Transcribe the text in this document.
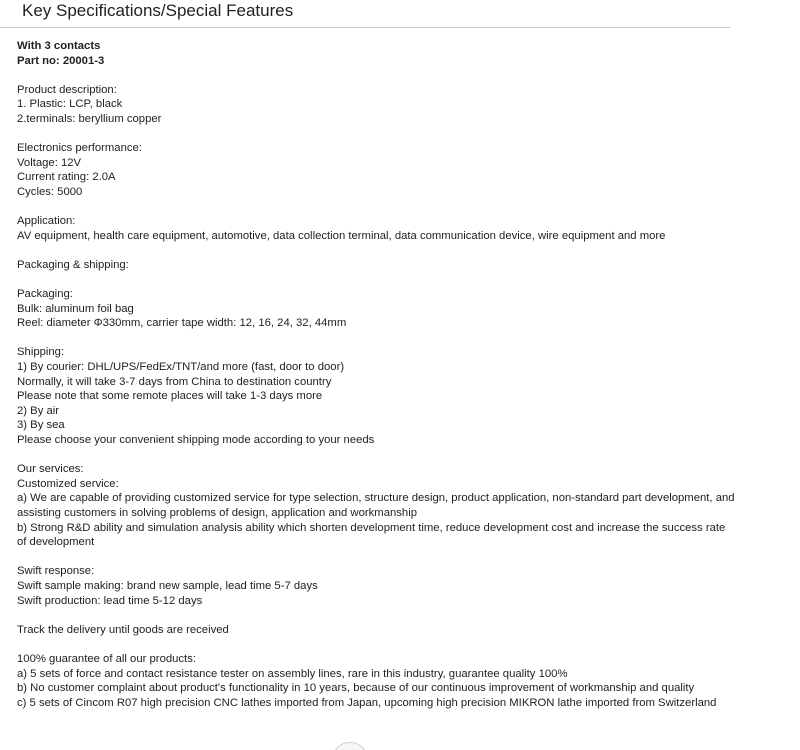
Key Specifications/Special Features
With 3 contacts
Part no: 20001-3
Product description:
1. Plastic: LCP, black
2.terminals: beryllium copper
Electronics performance:
Voltage: 12V
Current rating: 2.0A
Cycles: 5000
Application:
AV equipment, health care equipment, automotive, data collection terminal, data communication device, wire equipment and more
Packaging & shipping:
Packaging:
Bulk: aluminum foil bag
Reel: diameter Φ330mm, carrier tape width: 12, 16, 24, 32, 44mm
Shipping:
1) By courier: DHL/UPS/FedEx/TNT/and more (fast, door to door)
Normally, it will take 3-7 days from China to destination country
Please note that some remote places will take 1-3 days more
2) By air
3) By sea
Please choose your convenient shipping mode according to your needs
Our services:
Customized service:
a) We are capable of providing customized service for type selection, structure design, product application, non-standard part development, and assisting customers in solving problems of design, application and workmanship
b) Strong R&D ability and simulation analysis ability which shorten development time, reduce development cost and increase the success rate of development
Swift response:
Swift sample making: brand new sample, lead time 5-7 days
Swift production: lead time 5-12 days
Track the delivery until goods are received
100% guarantee of all our products:
a) 5 sets of force and contact resistance tester on assembly lines, rare in this industry, guarantee quality 100%
b) No customer complaint about product's functionality in 10 years, because of our continuous improvement of workmanship and quality
c) 5 sets of Cincom R07 high precision CNC lathes imported from Japan, upcoming high precision MIKRON lathe imported from Switzerland
